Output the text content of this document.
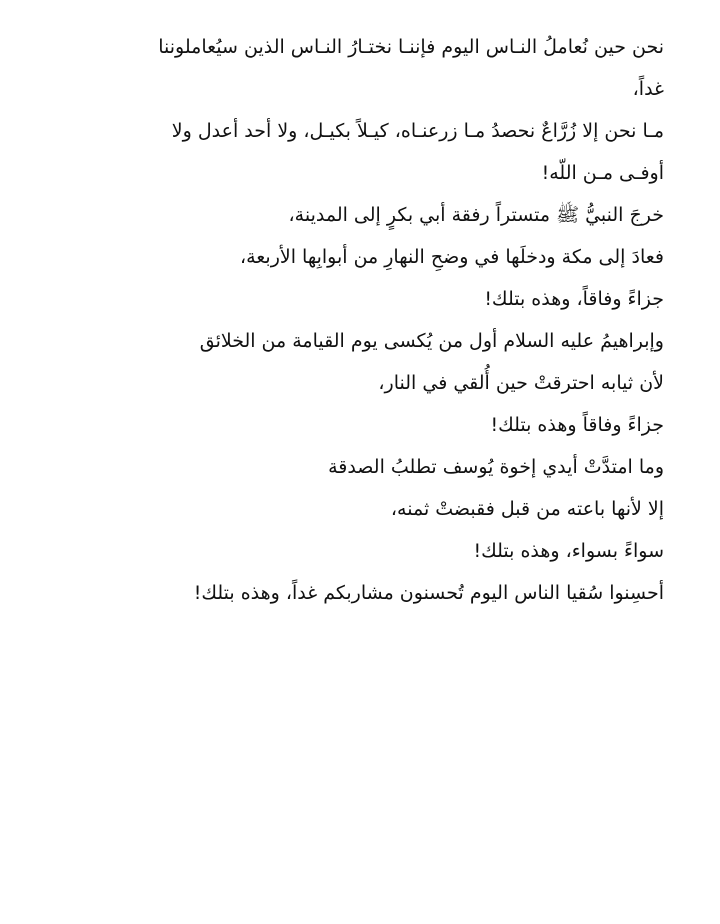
نحن حين نُعاملُ النـاس اليوم فإننـا نختـارُ النـاس الذين سيُعاملوننا
غداً،
مـا نحن إلا زُرَّاعٌ نحصدُ مـا زرعنـاه، كيـلاً بكيـل، ولا أحد أعدل ولا
أوفـى مـن اللّه!
خرجَ النبيُّ ﷺ متستراً رفقة أبي بكرٍ إلى المدينة،
فعادَ إلى مكة ودخلَها في وضحِ النهارِ من أبوابِها الأربعة،
جزاءً وفاقاً، وهذه بتلك!
وإبراهيمُ عليه السلام أول من يُكسى يوم القيامة من الخلائق
لأن ثيابه احترقتْ حين أُلقي في النار،
جزاءً وفاقاً وهذه بتلك!
وما امتدَّتْ أيدي إخوة يُوسف تطلبُ الصدقة
إلا لأنها باعته من قبل فقبضتْ ثمنه،
سواءً بسواء، وهذه بتلك!
أحسِنوا سُقيا الناس اليوم تُحسنون مشاربكم غداً، وهذه بتلك!
